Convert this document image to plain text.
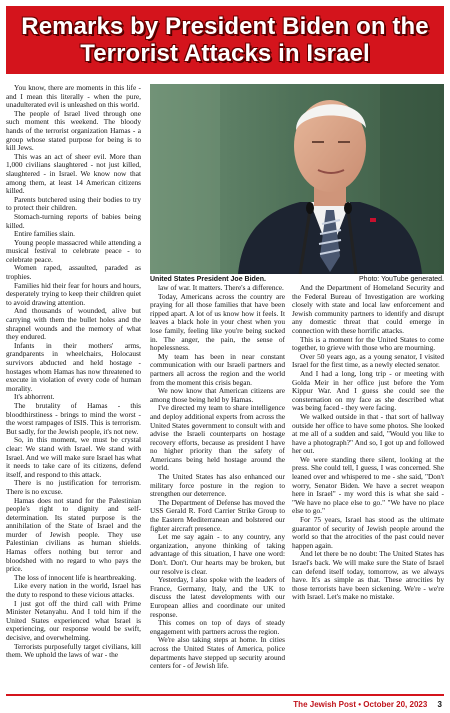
Remarks by President Biden on the Terrorist Attacks in Israel

You know, there are moments in this life - and I mean this literally - when the pure, unadulterated evil is unleashed on this world.

The people of Israel lived through one such moment this weekend. The bloody hands of the terrorist organization Hamas - a group whose stated purpose for being is to kill Jews.

This was an act of sheer evil. More than 1,000 civilians slaughtered - not just killed, slaughtered - in Israel. We know now that among them, at least 14 American citizens killed.

Parents butchered using their bodies to try to protect their children.

Stomach-turning reports of babies being killed.

Entire families slain.

Young people massacred while attending a musical festival to celebrate peace - to celebrate peace.

Women raped, assaulted, paraded as trophies.

Families hid their fear for hours and hours, desperately trying to keep their children quiet to avoid drawing attention.

And thousands of wounded, alive but carrying with them the bullet holes and the shrapnel wounds and the memory of what they endured.

Infants in their mothers' arms, grandparents in wheelchairs, Holocaust survivors abducted and held hostage - hostages whom Hamas has now threatened to execute in violation of every code of human morality.

It's abhorrent.

The brutality of Hamas - this bloodthirstiness - brings to mind the worst - the worst rampages of ISIS. This is terrorism. But sadly, for the Jewish people, it's not new.

So, in this moment, we must be crystal clear: We stand with Israel. We stand with Israel. And we will make sure Israel has what it needs to take care of its citizens, defend itself, and respond to this attack.

There is no justification for terrorism. There is no excuse.

Hamas does not stand for the Palestinian people's right to dignity and self-determination. Its stated purpose is the annihilation of the State of Israel and the murder of Jewish people. They use Palestinian civilians as human shields. Hamas offers nothing but terror and bloodshed with no regard to who pays the price.

The loss of innocent life is heartbreaking.

Like every nation in the world, Israel has the duty to respond to these vicious attacks.

I just got off the third call with Prime Minister Netanyahu. And I told him if the United States experienced what Israel is experiencing, our response would be swift, decisive, and overwhelming.

Terrorists purposefully target civilians, kill them. We uphold the laws of war - the

United States President Joe Biden.	Photo: YouTube generated.

law of war. It matters. There's a difference.

Today, Americans across the country are praying for all those families that have been ripped apart. A lot of us know how it feels. It leaves a black hole in your chest when you lose family, feeling like you're being sucked in. The anger, the pain, the sense of hopelessness.

My team has been in near constant communication with our Israeli partners and partners all across the region and the world from the moment this crisis began.

We now know that American citizens are among those being held by Hamas.

I've directed my team to share intelligence and deploy additional experts from across the United States government to consult with and advise the Israeli counterparts on hostage recovery efforts, because as president I have no higher priority than the safety of Americans being held hostage around the world.

The United States has also enhanced our military force posture in the region to strengthen our deterrence.

The Department of Defense has moved the USS Gerald R. Ford Carrier Strike Group to the Eastern Mediterranean and bolstered our fighter aircraft presence.

Let me say again - to any country, any organization, anyone thinking of taking advantage of this situation, I have one word: Don't. Don't. Our hearts may be broken, but our resolve is clear.

Yesterday, I also spoke with the leaders of France, Germany, Italy, and the UK to discuss the latest developments with our European allies and coordinate our united response.

This comes on top of days of steady engagement with partners across the region.

We're also taking steps at home. In cities across the United States of America, police departments have stepped up security around centers for - of Jewish life.

And the Department of Homeland Security and the Federal Bureau of Investigation are working closely with state and local law enforcement and Jewish community partners to identify and disrupt any domestic threat that could emerge in connection with these horrific attacks.

This is a moment for the United States to come together, to grieve with those who are mourning.

Over 50 years ago, as a young senator, I visited Israel for the first time, as a newly elected senator.

And I had a long, long trip - or meeting with Golda Meir in her office just before the Yom Kippur War. And I guess she could see the consternation on my face as she described what was being faced - they were facing.

We walked outside in that - that sort of hallway outside her office to have some photos. She looked at me all of a sudden and said, "Would you like to have a photograph?" And so, I got up and followed her out.

We were standing there silent, looking at the press. She could tell, I guess, I was concerned. She leaned over and whispered to me - she said, "Don't worry, Senator Biden. We have a secret weapon here in Israel" - my word this is what she said - "We have no place else to go." "We have no place else to go."

For 75 years, Israel has stood as the ultimate guarantor of security of Jewish people around the world so that the atrocities of the past could never happen again.

And let there be no doubt: The United States has Israel's back. We will make sure the State of Israel can defend itself today, tomorrow, as we always have. It's as simple as that. These atrocities by those terrorists have been sickening. We're - we're with Israel. Let's make no mistake.

The Jewish Post • October 20, 2023 3
